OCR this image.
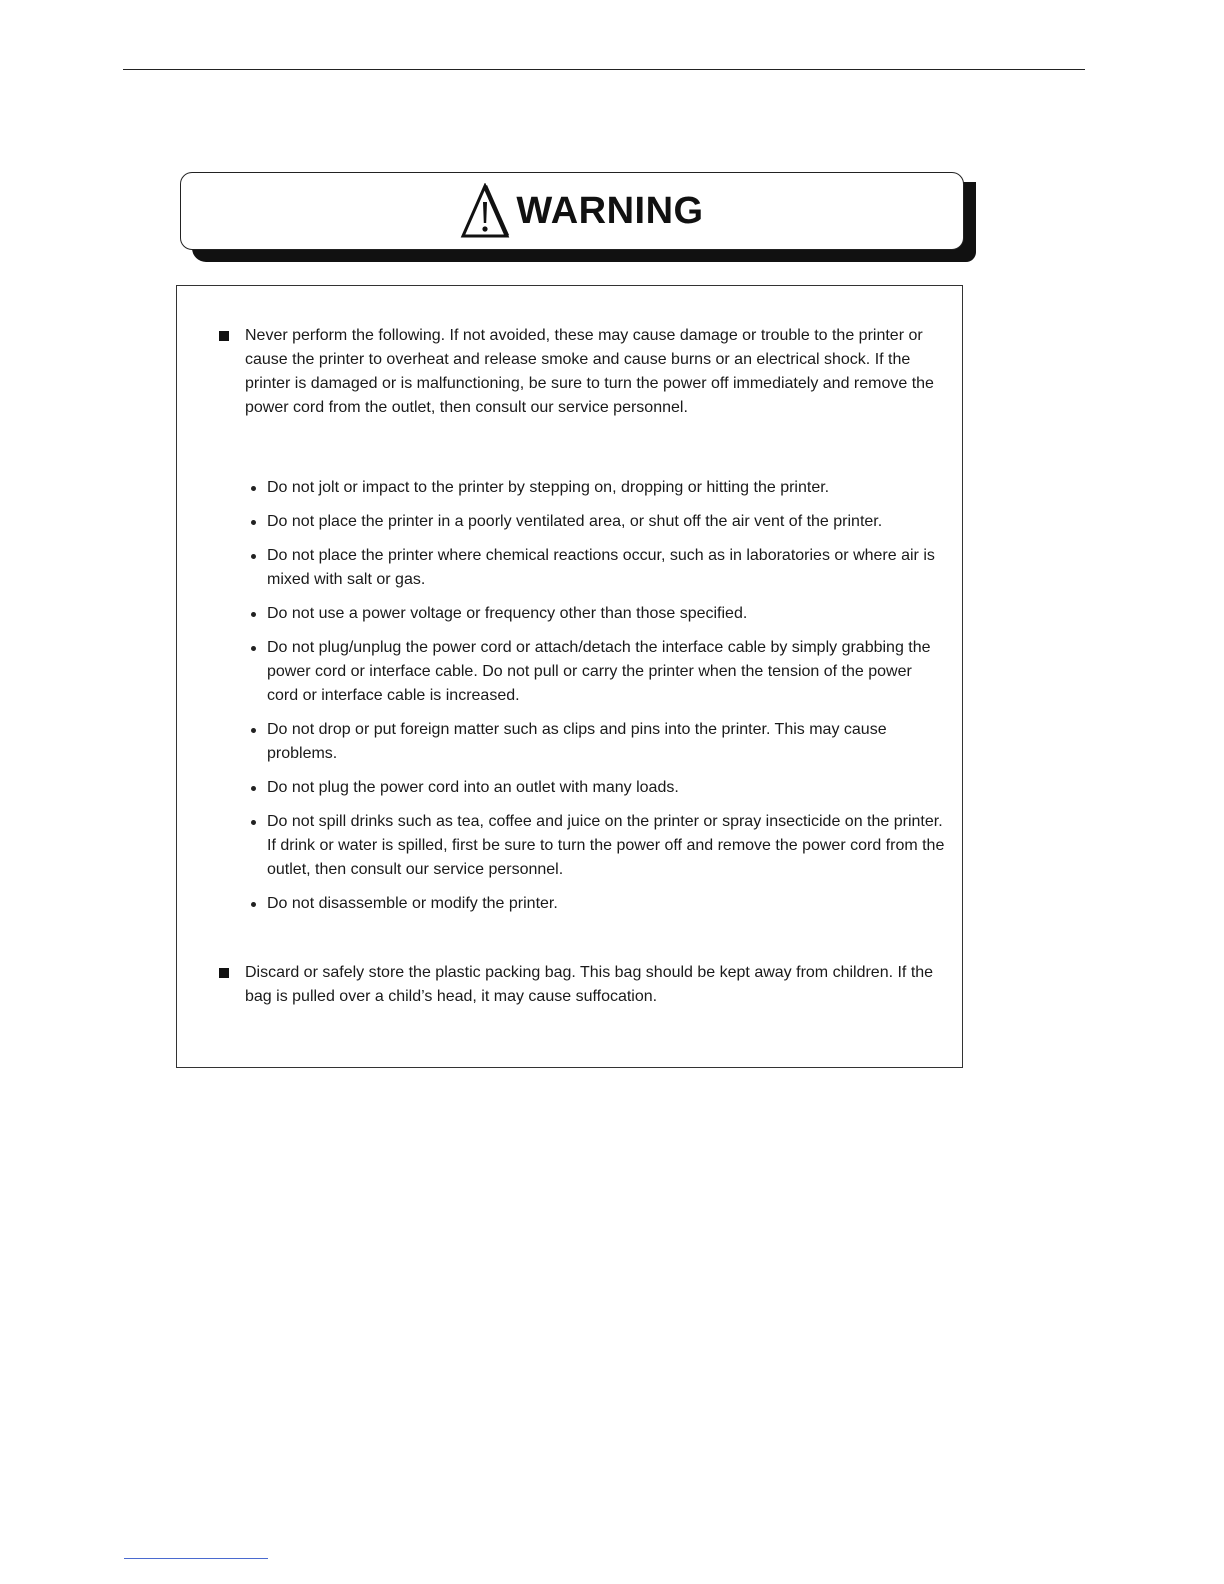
WARNING
Never perform the following. If not avoided, these may cause damage or trouble to the printer or cause the printer to overheat and release smoke and cause burns or an electrical shock. If the printer is damaged or is malfunctioning, be sure to turn the power off immediately and remove the power cord from the outlet, then consult our service personnel.
Do not jolt or impact to the printer by stepping on, dropping or hitting the printer.
Do not place the printer in a poorly ventilated area, or shut off the air vent of the printer.
Do not place the printer where chemical reactions occur, such as in laboratories or where air is mixed with salt or gas.
Do not use a power voltage or frequency other than those specified.
Do not plug/unplug the power cord or attach/detach the interface cable by simply grabbing the power cord or interface cable. Do not pull or carry the printer when the tension of the power cord or interface cable is increased.
Do not drop or put foreign matter such as clips and pins into the printer. This may cause problems.
Do not plug the power cord into an outlet with many loads.
Do not spill drinks such as tea, coffee and juice on the printer or spray insecticide on the printer. If drink or water is spilled, first be sure to turn the power off and remove the power cord from the outlet, then consult our service personnel.
Do not disassemble or modify the printer.
Discard or safely store the plastic packing bag. This bag should be kept away from children. If the bag is pulled over a child’s head, it may cause suffocation.
